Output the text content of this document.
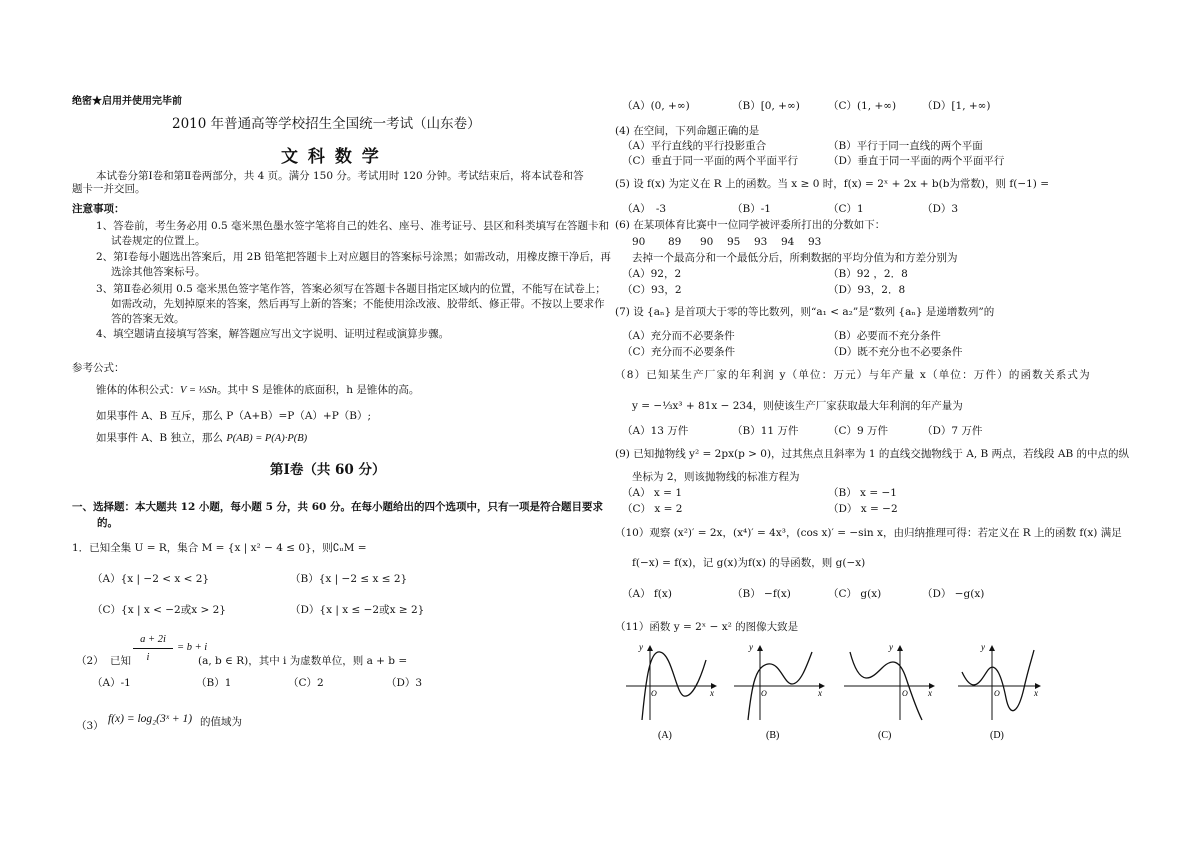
绝密★启用并使用完毕前
2010 年普通高等学校招生全国统一考试（山东卷）
文 科 数 学
本试卷分第Ⅰ卷和第Ⅱ卷两部分，共 4 页。满分 150 分。考试用时 120 分钟。考试结束后，将本试卷和答题卡一并交回。
注意事项：
1、答卷前，考生务必用 0.5 毫米黑色墨水签字笔将自己的姓名、座号、准考证号、县区和科类填写在答题卡和试卷规定的位置上。
2、第Ⅰ卷每小题选出答案后，用 2B 铅笔把答题卡上对应题目的答案标号涂黑；如需改动，用橡皮擦干净后，再选涂其他答案标号。
3、第Ⅱ卷必须用 0.5 毫米黑色签字笔作答，答案必须写在答题卡各题目指定区域内的位置，不能写在试卷上；如需改动，先划掉原来的答案，然后再写上新的答案；不能使用涂改液、胶带纸、修正带。不按以上要求作答的答案无效。
4、填空题请直接填写答案，解答题应写出文字说明、证明过程或演算步骤。
参考公式：
锥体的体积公式：V = ⅓Sh。其中 S 是锥体的底面积，h 是锥体的高。
如果事件 A、B 互斥，那么 P（A+B）=P（A）+P（B）;
如果事件 A、B 独立，那么 P(AB) = P(A)·P(B)
第Ⅰ卷（共 60 分）
一、选择题：本大题共 12 小题，每小题 5 分，共 60 分。在每小题给出的四个选项中，只有一项是符合题目要求的。
1．已知全集 U = R，集合 M = {x | x² − 4 ≤ 0}，则∁ᵤM =
（A）{x | −2 < x < 2}	（B）{x | −2 ≤ x ≤ 2}
（C）{x | x < −2或x > 2}	（D）{x | x ≤ −2或x ≥ 2}
（2） 已知
a + 2i
i
= b + i
(a, b ∈ R)，其中 i 为虚数单位，则 a + b =
（A）-1	（B）1	（C）2	（D）3
（3）
f(x) = log₂(3ˣ + 1) 的值域为
（A）(0, +∞)	（B）[0, +∞)	（C）(1, +∞) （D）[1, +∞)
(4) 在空间，下列命题正确的是
（A）平行直线的平行投影重合	（B）平行于同一直线的两个平面
（C）垂直于同一平面的两个平面平行	（D）垂直于同一平面的两个平面平行
(5) 设 f(x) 为定义在 R 上的函数。当 x ≥ 0 时，f(x) = 2ˣ + 2x + b(b为常数)，则 f(−1) =
（A）　-3	（B）-1	（C）1	（D）3
(6) 在某项体育比赛中一位同学被评委所打出的分数如下：
90 89 90 95 93 94 93
去掉一个最高分和一个最低分后，所剩数据的平均分值为和方差分别为
（A）92，2	（B）92 ，2．8
（C）93，2	（D）93，2．8
(7) 设 {aₙ} 是首项大于零的等比数列，则“a₁ < a₂”是“数列 {aₙ} 是递增数列”的
（A）充分而不必要条件	（B）必要而不充分条件
（C）充分而不必要条件	（D）既不充分也不必要条件
（8）已知某生产厂家的年利润 y（单位：万元）与年产量 x（单位：万件）的函数关系式为
y = −⅓x³ + 81x − 234，则使该生产厂家获取最大年利润的年产量为
（A）13 万件	（B）11 万件	（C）9 万件	（D）7 万件
(9) 已知抛物线 y² = 2px(p > 0)，过其焦点且斜率为 1 的直线交抛物线于 A, B 两点，若线段 AB 的中点的纵
坐标为 2，则该抛物线的标准方程为
（A） x = 1	（B） x = −1
（C） x = 2	（D） x = −2
（10）观察 (x²)′ = 2x，(x⁴)′ = 4x³，(cos x)′ = −sin x，由归纳推理可得：若定义在 R 上的函数 f(x) 满足
f(−x) = f(x)，记 g(x)为f(x) 的导函数，则 g(−x)
（A） f(x)	（B） −f(x)	（C） g(x)	（D） −g(x)
（11）函数 y = 2ˣ − x² 的图像大致是
y
x
O
(A)
y
x
O
(B)
y
x
O
(C)
y
x
O
(D)
